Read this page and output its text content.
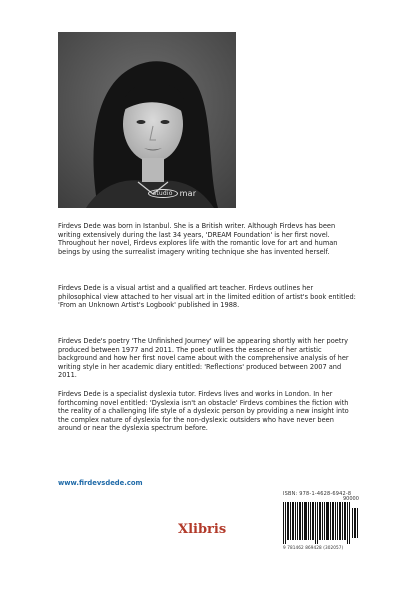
studio mar

Firdevs Dede was born in Istanbul. She is a British writer. Although Firdevs has been writing extensively during the last 34 years, 'DREAM Foundation' is her first novel. Throughout her novel, Firdevs explores life with the romantic love for art and human beings by using the surrealist imagery writing technique she has invented herself.

Firdevs Dede is a visual artist and a qualified art teacher. Firdevs outlines her philosophical view attached to her visual art in the limited edition of artist's book entitled: 'From an Unknown Artist's Logbook' published in 1988.

Firdevs Dede's poetry 'The Unfinished Journey' will be appearing shortly with her poetry produced between 1977 and 2011. The poet outlines the essence of her artistic background and how her first novel came about with the comprehensive analysis of her writing style in her academic diary entitled: 'Reflections' produced between 2007 and 2011.

Firdevs Dede is a specialist dyslexia tutor. Firdevs lives and works in London. In her forthcoming novel entitled: 'Dyslexia isn't an obstacle' Firdevs combines the fiction with the reality of a challenging life style of a dyslexic person by providing a new insight into the complex nature of dyslexia for the non-dyslexic outsiders who have never been around or near the dyslexia spectrum before.

www.firdevsdede.com
ISBN: 978-1-4628-6942-8
90000
9 781462 869428 (302057)
Xlibris
